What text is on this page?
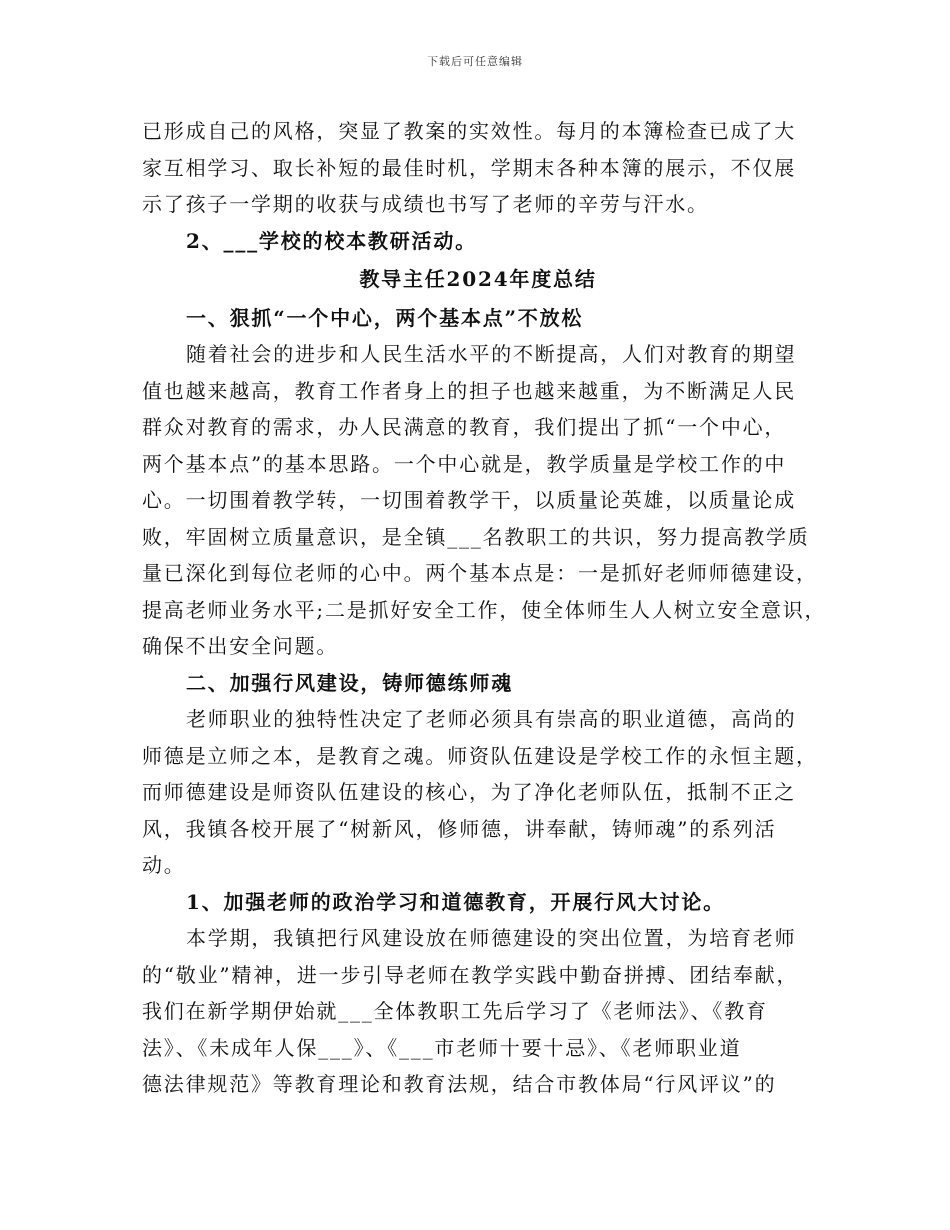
下载后可任意编辑
已形成自己的风格，突显了教案的实效性。每月的本簿检查已成了大
家互相学习、取长补短的最佳时机，学期末各种本簿的展示，不仅展
示了孩子一学期的收获与成绩也书写了老师的辛劳与汗水。
2、___学校的校本教研活动。
教导主任2024年度总结
一、狠抓“一个中心，两个基本点”不放松
随着社会的进步和人民生活水平的不断提高，人们对教育的期望
值也越来越高，教育工作者身上的担子也越来越重，为不断满足人民
群众对教育的需求，办人民满意的教育，我们提出了抓“一个中心，
两个基本点”的基本思路。一个中心就是，教学质量是学校工作的中
心。一切围着教学转，一切围着教学干，以质量论英雄，以质量论成
败，牢固树立质量意识，是全镇___名教职工的共识，努力提高教学质
量已深化到每位老师的心中。两个基本点是：一是抓好老师师德建设，
提高老师业务水平;二是抓好安全工作，使全体师生人人树立安全意识，
确保不出安全问题。
二、加强行风建设，铸师德练师魂
老师职业的独特性决定了老师必须具有崇高的职业道德，高尚的
师德是立师之本，是教育之魂。师资队伍建设是学校工作的永恒主题，
而师德建设是师资队伍建设的核心，为了净化老师队伍，抵制不正之
风，我镇各校开展了“树新风，修师德，讲奉献，铸师魂”的系列活
动。
1、加强老师的政治学习和道德教育，开展行风大讨论。
本学期，我镇把行风建设放在师德建设的突出位置，为培育老师
的“敬业”精神，进一步引导老师在教学实践中勤奋拼搏、团结奉献，
我们在新学期伊始就___全体教职工先后学习了《老师法》、《教育
法》、《未成年人保___》、《___市老师十要十忌》、《老师职业道
德法律规范》等教育理论和教育法规，结合市教体局“行风评议”的
